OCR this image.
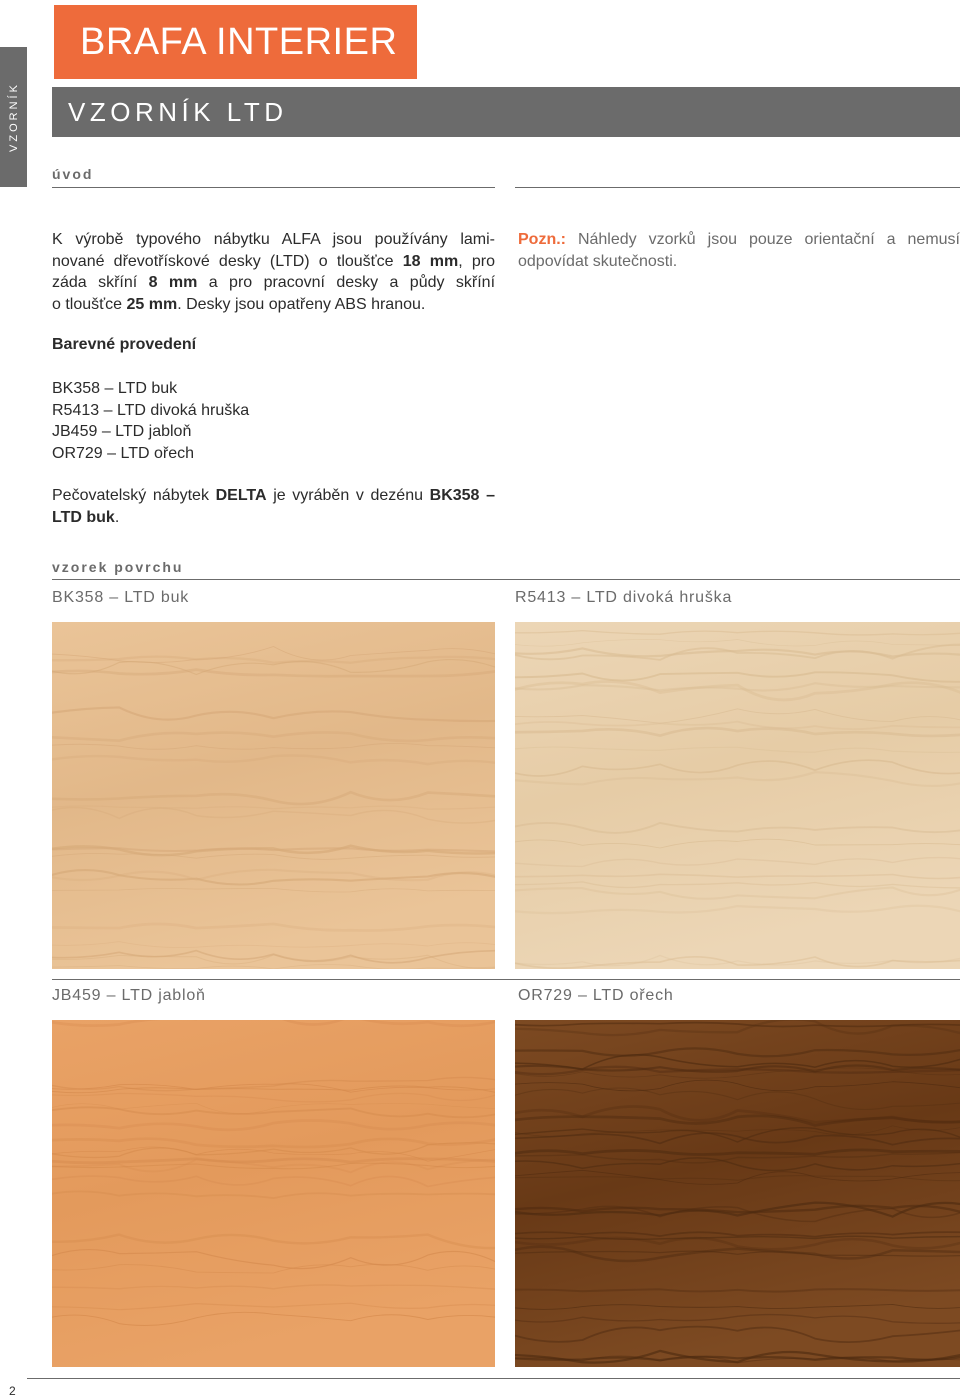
VZORNÍK
BRAFA INTERIER
VZORNÍK LTD
úvod
K výrobě typového nábytku ALFA jsou používány lami-
nované dřevotřískové desky (LTD) o tloušťce 18 mm, pro
záda skříní 8 mm a pro pracovní desky a půdy skříní
o tloušťce 25 mm. Desky jsou opatřeny ABS hranou.
Pozn.: Náhledy vzorků jsou pouze orientační a nemusí
odpovídat skutečnosti.
Barevné provedení
BK358 – LTD buk
R5413 – LTD divoká hruška
JB459 – LTD jabloň
OR729 – LTD ořech
Pečovatelský nábytek DELTA je vyráběn v dezénu BK358 –
LTD buk.
vzorek povrchu
BK358 – LTD buk	R5413 – LTD divoká hruška
JB459 – LTD jabloň	OR729 – LTD ořech
2
